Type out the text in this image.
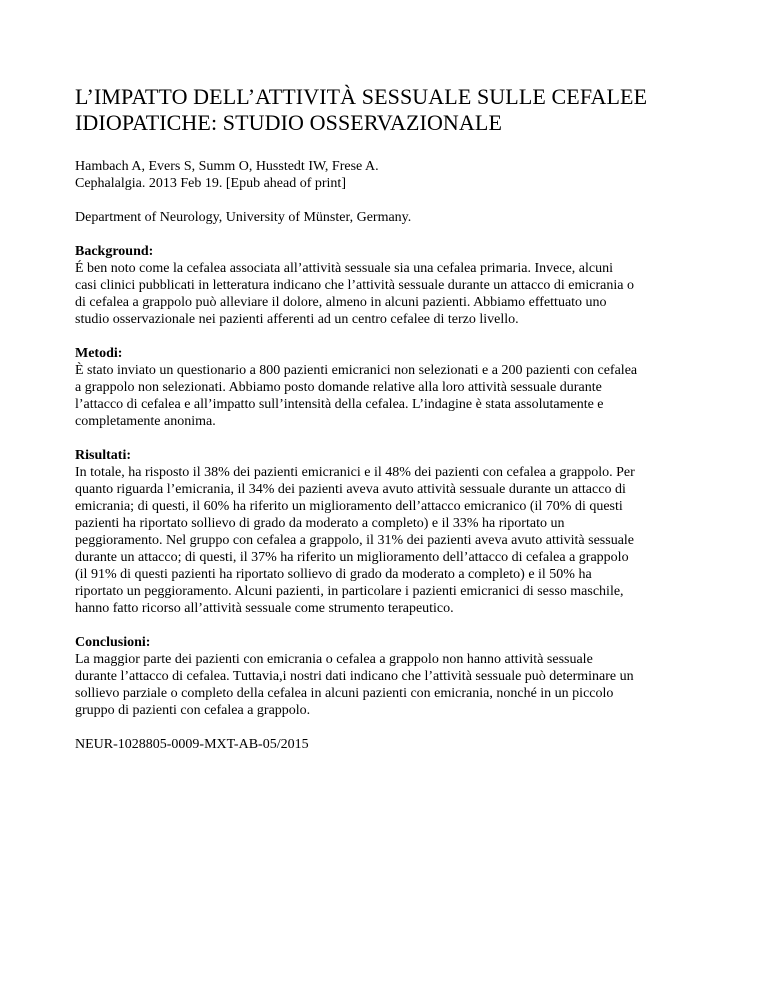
L’IMPATTO DELL’ATTIVITÀ SESSUALE SULLE CEFALEE
IDIOPATICHE: STUDIO OSSERVAZIONALE
Hambach A, Evers S, Summ O, Husstedt IW, Frese A.
Cephalalgia. 2013 Feb 19. [Epub ahead of print]
Department of Neurology, University of Münster, Germany.
Background:
É ben noto come la cefalea associata all’attività sessuale sia una cefalea primaria. Invece, alcuni
casi clinici pubblicati in letteratura indicano che l’attività sessuale durante un attacco di emicrania o
di cefalea a grappolo può alleviare il dolore, almeno in alcuni pazienti. Abbiamo effettuato uno
studio osservazionale nei pazienti afferenti ad un centro cefalee di terzo livello.
Metodi:
È stato inviato un questionario a 800 pazienti emicranici non selezionati e a 200 pazienti con cefalea
a grappolo non selezionati. Abbiamo posto domande relative alla loro attività sessuale durante
l’attacco di cefalea e all’impatto sull’intensità della cefalea. L’indagine è stata assolutamente e
completamente anonima.
Risultati:
In totale, ha risposto il 38% dei pazienti emicranici e il 48% dei pazienti con cefalea a grappolo. Per
quanto riguarda l’emicrania, il 34% dei pazienti aveva avuto attività sessuale durante un attacco di
emicrania; di questi, il 60% ha riferito un miglioramento dell’attacco emicranico (il 70% di questi
pazienti ha riportato sollievo di grado da moderato a completo) e il 33% ha riportato un
peggioramento. Nel gruppo con cefalea a grappolo, il 31% dei pazienti aveva avuto attività sessuale
durante un attacco; di questi, il 37% ha riferito un miglioramento dell’attacco di cefalea a grappolo
(il 91% di questi pazienti ha riportato sollievo di grado da moderato a completo) e il 50% ha
riportato un peggioramento. Alcuni pazienti, in particolare i pazienti emicranici di sesso maschile,
hanno fatto ricorso all’attività sessuale come strumento terapeutico.
Conclusioni:
La maggior parte dei pazienti con emicrania o cefalea a grappolo non hanno attività sessuale
durante l’attacco di cefalea. Tuttavia,i nostri dati indicano che l’attività sessuale può determinare un
sollievo parziale o completo della cefalea in alcuni pazienti con emicrania, nonché in un piccolo
gruppo di pazienti con cefalea a grappolo.
NEUR-1028805-0009-MXT-AB-05/2015
